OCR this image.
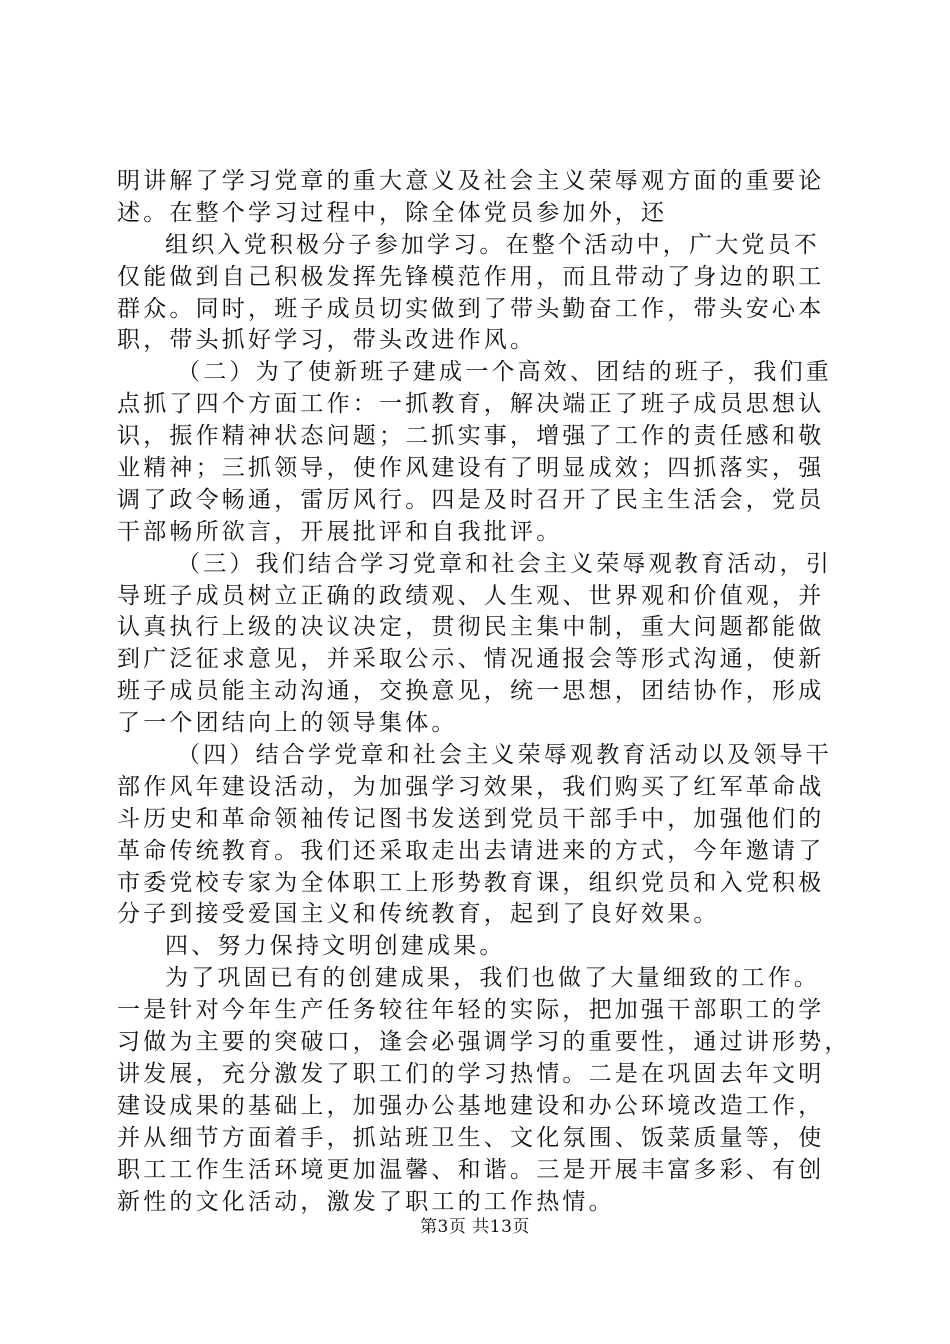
明讲解了学习党章的重大意义及社会主义荣辱观方面的重要论
述。在整个学习过程中，除全体党员参加外，还
组织入党积极分子参加学习。在整个活动中，广大党员不
仅能做到自己积极发挥先锋模范作用，而且带动了身边的职工
群众。同时，班子成员切实做到了带头勤奋工作，带头安心本
职，带头抓好学习，带头改进作风。
（二）为了使新班子建成一个高效、团结的班子，我们重
点抓了四个方面工作：一抓教育，解决端正了班子成员思想认
识，振作精神状态问题；二抓实事，增强了工作的责任感和敬
业精神；三抓领导，使作风建设有了明显成效；四抓落实，强
调了政令畅通，雷厉风行。四是及时召开了民主生活会，党员
干部畅所欲言，开展批评和自我批评。
（三）我们结合学习党章和社会主义荣辱观教育活动，引
导班子成员树立正确的政绩观、人生观、世界观和价值观，并
认真执行上级的决议决定，贯彻民主集中制，重大问题都能做
到广泛征求意见，并采取公示、情况通报会等形式沟通，使新
班子成员能主动沟通，交换意见，统一思想，团结协作，形成
了一个团结向上的领导集体。
（四）结合学党章和社会主义荣辱观教育活动以及领导干
部作风年建设活动，为加强学习效果，我们购买了红军革命战
斗历史和革命领袖传记图书发送到党员干部手中，加强他们的
革命传统教育。我们还采取走出去请进来的方式，今年邀请了
市委党校专家为全体职工上形势教育课，组织党员和入党积极
分子到接受爱国主义和传统教育，起到了良好效果。
四、努力保持文明创建成果。
为了巩固已有的创建成果，我们也做了大量细致的工作。
一是针对今年生产任务较往年轻的实际，把加强干部职工的学
习做为主要的突破口，逢会必强调学习的重要性，通过讲形势，
讲发展，充分激发了职工们的学习热情。二是在巩固去年文明
建设成果的基础上，加强办公基地建设和办公环境改造工作，
并从细节方面着手，抓站班卫生、文化氛围、饭菜质量等，使
职工工作生活环境更加温馨、和谐。三是开展丰富多彩、有创
新性的文化活动，激发了职工的工作热情。
第3页 共13页
